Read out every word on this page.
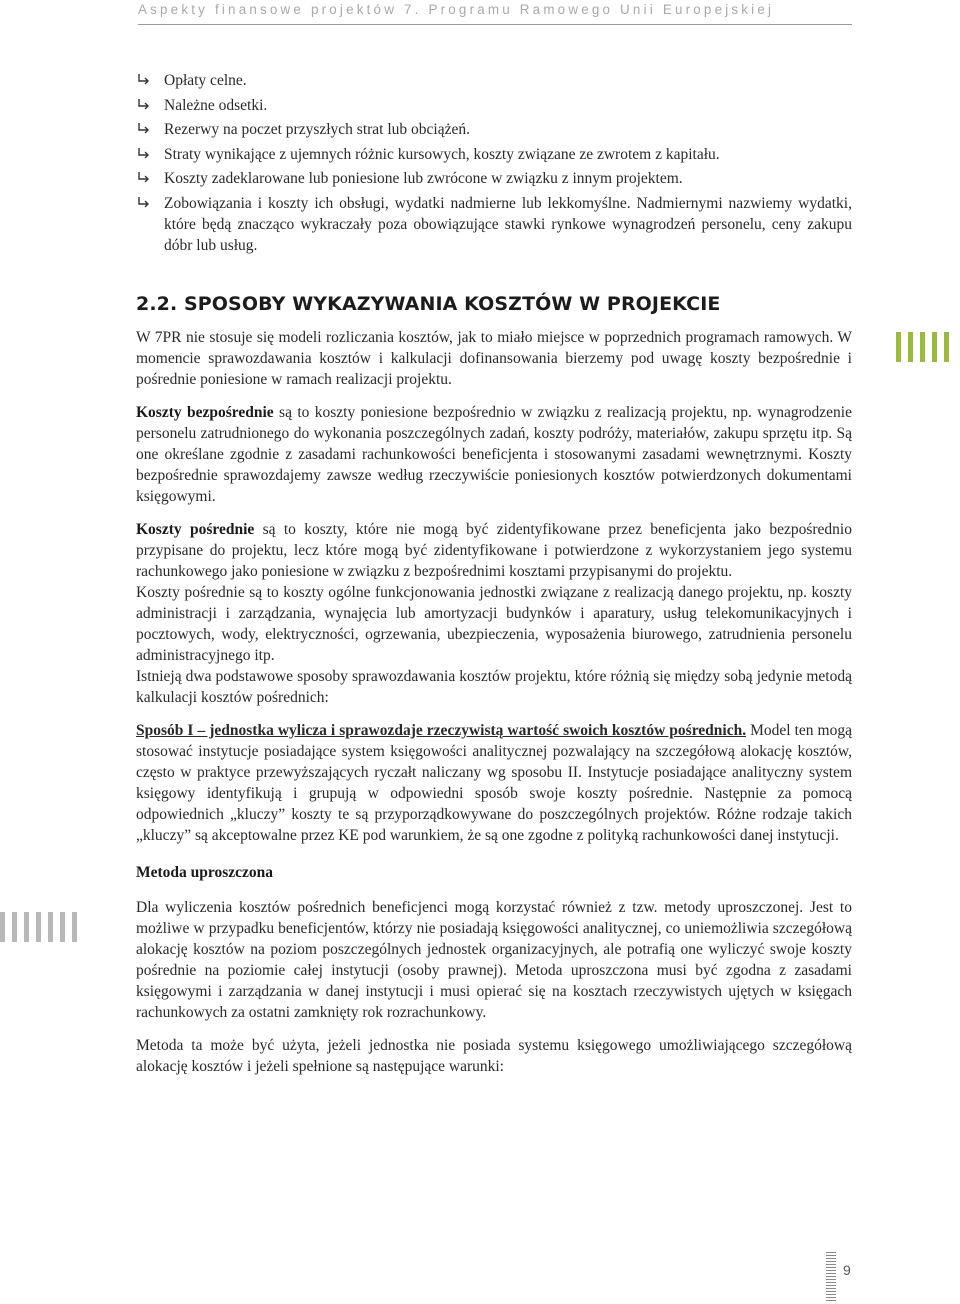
Aspekty finansowe projektów 7. Programu Ramowego Unii Europejskiej
Opłaty celne.
Należne odsetki.
Rezerwy na poczet przyszłych strat lub obciążeń.
Straty wynikające z ujemnych różnic kursowych, koszty związane ze zwrotem z kapitału.
Koszty zadeklarowane lub poniesione lub zwrócone w związku z innym projektem.
Zobowiązania i koszty ich obsługi, wydatki nadmierne lub lekkomyślne. Nadmiernymi nazwiemy wydatki, które będą znacząco wykraczały poza obowiązujące stawki rynkowe wynagrodzeń personelu, ceny zakupu dóbr lub usług.
2.2. SPOSOBY WYKAZYWANIA KOSZTÓW W PROJEKCIE

W 7PR nie stosuje się modeli rozliczania kosztów, jak to miało miejsce w poprzednich programach ramowych. W momencie sprawozdawania kosztów i kalkulacji dofinansowania bierzemy pod uwagę koszty bezpośrednie i pośrednie poniesione w ramach realizacji projektu.

Koszty bezpośrednie są to koszty poniesione bezpośrednio w związku z realizacją projektu, np. wynagrodzenie personelu zatrudnionego do wykonania poszczególnych zadań, koszty podróży, materiałów, zakupu sprzętu itp. Są one określane zgodnie z zasadami rachunkowości beneficjenta i stosowanymi zasadami wewnętrznymi. Koszty bezpośrednie sprawozdajemy zawsze według rzeczywiście poniesionych kosztów potwierdzonych dokumentami księgowymi.

Koszty pośrednie są to koszty, które nie mogą być zidentyfikowane przez beneficjenta jako bezpośrednio przypisane do projektu, lecz które mogą być zidentyfikowane i potwierdzone z wykorzystaniem jego systemu rachunkowego jako poniesione w związku z bezpośrednimi kosztami przypisanymi do projektu.

Koszty pośrednie są to koszty ogólne funkcjonowania jednostki związane z realizacją danego projektu, np. koszty administracji i zarządzania, wynajęcia lub amortyzacji budynków i aparatury, usług telekomunikacyjnych i pocztowych, wody, elektryczności, ogrzewania, ubezpieczenia, wyposażenia biurowego, zatrudnienia personelu administracyjnego itp.

Istnieją dwa podstawowe sposoby sprawozdawania kosztów projektu, które różnią się między sobą jedynie metodą kalkulacji kosztów pośrednich:

Sposób I – jednostka wylicza i sprawozdaje rzeczywistą wartość swoich kosztów pośrednich. Model ten mogą stosować instytucje posiadające system księgowości analitycznej pozwalający na szczegółową alokację kosztów, często w praktyce przewyższających ryczałt naliczany wg sposobu II. Instytucje posiadające analityczny system księgowy identyfikują i grupują w odpowiedni sposób swoje koszty pośrednie. Następnie za pomocą odpowiednich „kluczy” koszty te są przyporządkowywane do poszczególnych projektów. Różne rodzaje takich „kluczy” są akceptowalne przez KE pod warunkiem, że są one zgodne z polityką rachunkowości danej instytucji.

Metoda uproszczona

Dla wyliczenia kosztów pośrednich beneficjenci mogą korzystać również z tzw. metody uproszczonej. Jest to możliwe w przypadku beneficjentów, którzy nie posiadają księgowości analitycznej, co uniemożliwia szczegółową alokację kosztów na poziom poszczególnych jednostek organizacyjnych, ale potrafią one wyliczyć swoje koszty pośrednie na poziomie całej instytucji (osoby prawnej). Metoda uproszczona musi być zgodna z zasadami księgowymi i zarządzania w danej instytucji i musi opierać się na kosztach rzeczywistych ujętych w księgach rachunkowych za ostatni zamknięty rok rozrachunkowy.

Metoda ta może być użyta, jeżeli jednostka nie posiada systemu księgowego umożliwiającego szczegółową alokację kosztów i jeżeli spełnione są następujące warunki:

9
